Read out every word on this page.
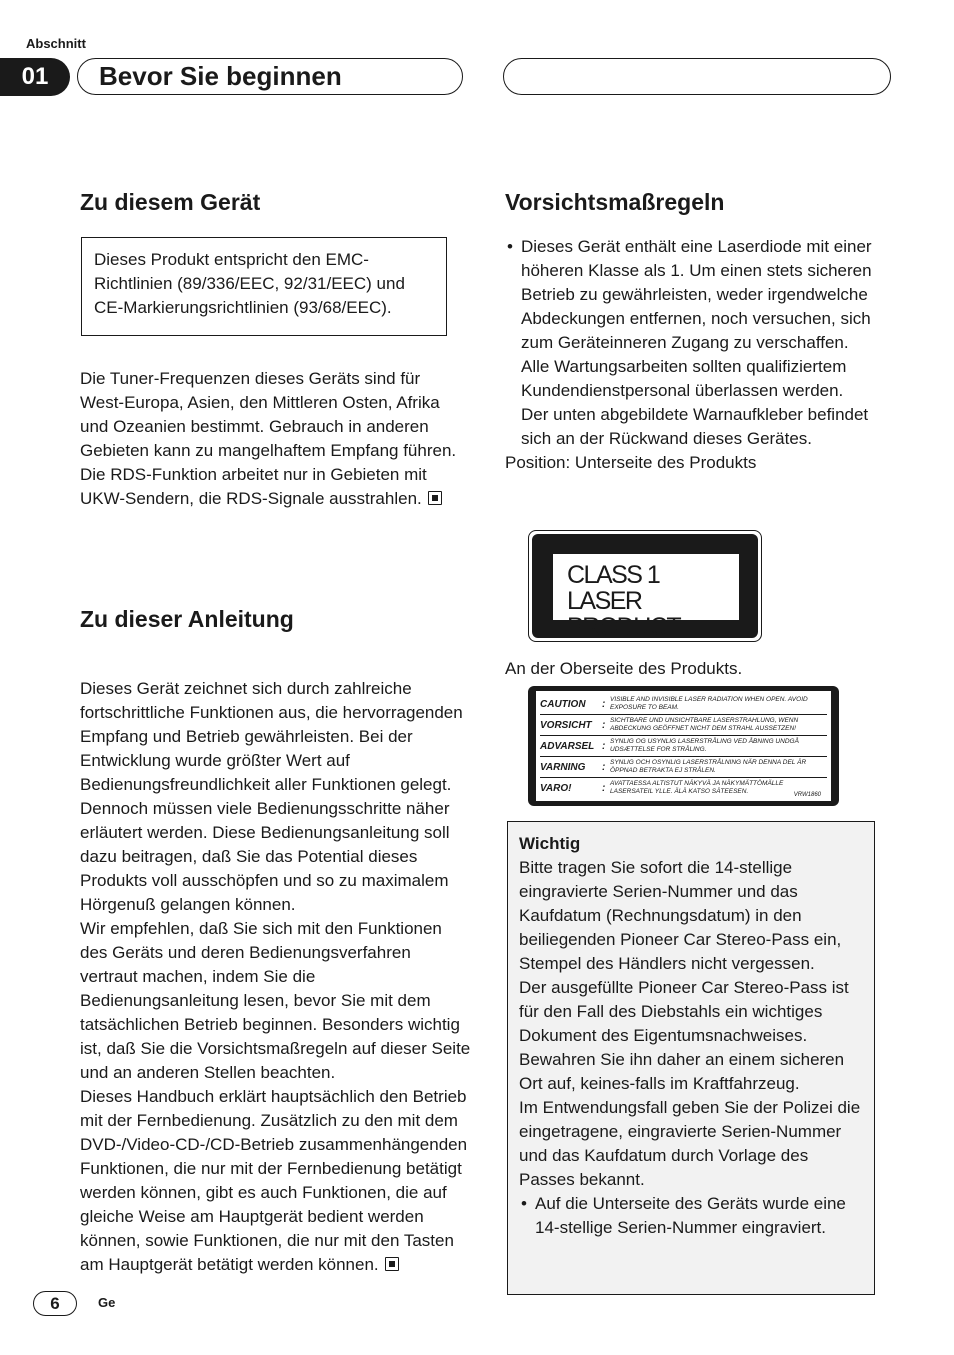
Abschnitt
01	Bevor Sie beginnen
Zu diesem Gerät

Dieses Produkt entspricht den EMC-Richtlinien (89/336/EEC, 92/31/EEC) und CE-Markierungsrichtlinien (93/68/EEC).

Die Tuner-Frequenzen dieses Geräts sind für West-Europa, Asien, den Mittleren Osten, Afrika und Ozeanien bestimmt. Gebrauch in anderen Gebieten kann zu mangelhaftem Empfang führen. Die RDS-Funktion arbeitet nur in Gebieten mit UKW-Sendern, die RDS-Signale ausstrahlen.

Zu dieser Anleitung

Dieses Gerät zeichnet sich durch zahlreiche fortschrittliche Funktionen aus, die hervorragenden Empfang und Betrieb gewährleisten. Bei der Entwicklung wurde größter Wert auf Bedienungsfreundlichkeit aller Funktionen gelegt. Dennoch müssen viele Bedienungsschritte näher erläutert werden. Diese Bedienungsanleitung soll dazu beitragen, daß Sie das Potential dieses Produkts voll ausschöpfen und so zu maximalem Hörgenuß gelangen können.
Wir empfehlen, daß Sie sich mit den Funktionen des Geräts und deren Bedienungsverfahren vertraut machen, indem Sie die Bedienungsanleitung lesen, bevor Sie mit dem tatsächlichen Betrieb beginnen. Besonders wichtig ist, daß Sie die Vorsichtsmaßregeln auf dieser Seite und an anderen Stellen beachten.
Dieses Handbuch erklärt hauptsächlich den Betrieb mit der Fernbedienung. Zusätzlich zu den mit dem DVD-/Video-CD-/CD-Betrieb zusammenhängenden Funktionen, die nur mit der Fernbedienung betätigt werden können, gibt es auch Funktionen, die auf gleiche Weise am Hauptgerät bedient werden können, sowie Funktionen, die nur mit den Tasten am Hauptgerät betätigt werden können.

Vorsichtsmaßregeln
• Dieses Gerät enthält eine Laserdiode mit einer höheren Klasse als 1. Um einen stets sicheren Betrieb zu gewährleisten, weder irgendwelche Abdeckungen entfernen, noch versuchen, sich zum Geräteinneren Zugang zu verschaffen.
Alle Wartungsarbeiten sollten qualifiziertem Kundendienstpersonal überlassen werden.
Der unten abgebildete Warnaufkleber befindet sich an der Rückwand dieses Gerätes.

Position: Unterseite des Produkts

CLASS 1
LASER PRODUCT
An der Oberseite des Produkts.
CAUTION	: VISIBLE AND INVISIBLE LASER RADIATION WHEN OPEN. AVOID EXPOSURE TO BEAM.
VORSICHT	: SICHTBARE UND UNSICHTBARE LASERSTRAHLUNG, WENN ABDECKUNG GEÖFFNET NICHT DEM STRAHL AUSSETZEN!
ADVARSEL : SYNLIG OG USYNLIG LASERSTRÅLING VED ÅBNING UNDGÅ UDSÆTTELSE FOR STRÅLING.
VARNING	: SYNLIG OCH OSYNLIG LASERSTRÅLNING NÄR DENNA DEL ÄR ÖPPNAD BETRAKTA EJ STRÅLEN.
VARO!	: AVATTAESSA ALTISTUT NÄKYVÄ JA NÄKYMÄTTÖMÄLLE LASERSATEIL YLLE. ÄLÄ KATSO SÄTEESEN.	VRW1860

Wichtig

Bitte tragen Sie sofort die 14-stellige eingravierte Serien-Nummer und das Kaufdatum (Rechnungsdatum) in den beiliegenden Pioneer Car Stereo-Pass ein, Stempel des Händlers nicht vergessen.
Der ausgefüllte Pioneer Car Stereo-Pass ist für den Fall des Diebstahls ein wichtiges Dokument des Eigentumsnachweises. Bewahren Sie ihn daher an einem sicheren Ort auf, keines-falls im Kraftfahrzeug.
Im Entwendungsfall geben Sie der Polizei die eingetragene, eingravierte Serien-Nummer und das Kaufdatum durch Vorlage des Passes bekannt.

• Auf die Unterseite des Geräts wurde eine 14-stellige Serien-Nummer eingraviert.
6	Ge
